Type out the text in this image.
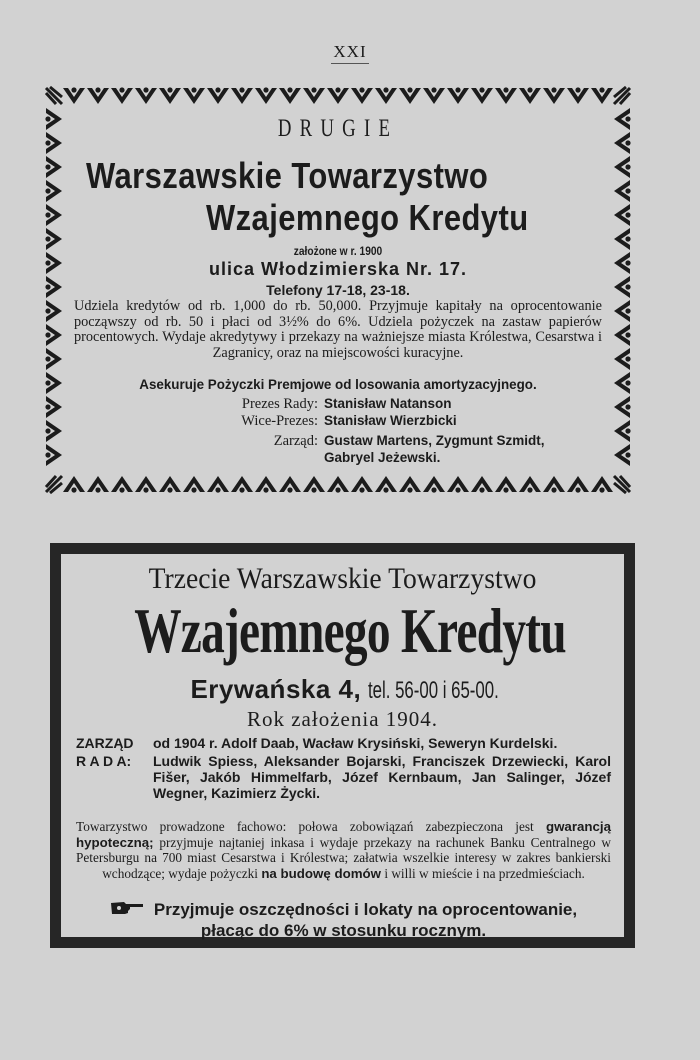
XXI
DRUGIE
Warszawskie Towarzystwo
Wzajemnego Kredytu
założone w r. 1900
ulica Włodzimierska Nr. 17.
Telefony 17-18, 23-18.
Udziela kredytów od rb. 1,000 do rb. 50,000. Przyjmuje kapitały na oprocentowanie począwszy od rb. 50 i płaci od 3½% do 6%. Udziela pożyczek na zastaw papierów procentowych. Wydaje akredytywy i przekazy na ważniejsze miasta Królestwa, Cesarstwa i Zagranicy, oraz na miejscowości kuracyjne.
Asekuruje Pożyczki Premjowe od losowania amortyzacyjnego.
Prezes Rady: Stanisław Natanson
Wice-Prezes: Stanisław Wierzbicki
Zarząd: Gustaw Martens, Zygmunt Szmidt,
Gabryel Jeżewski.
Trzecie Warszawskie Towarzystwo
Wzajemnego Kredytu
Erywańska 4, tel. 56-00 i 65-00.
Rok założenia 1904.
ZARZĄD od 1904 r. Adolf Daab, Wacław Krysiński, Seweryn Kurdelski.
R A D A: Ludwik Spiess, Aleksander Bojarski, Franciszek Drzewiecki, Karol Fišer, Jakób Himmelfarb, Józef Kernbaum, Jan Salinger, Józef Wegner, Kazimierz Życki.
Towarzystwo prowadzone fachowo: połowa zobowiązań zabezpieczona jest gwarancją hypoteczną; przyjmuje najtaniej inkasa i wydaje przekazy na rachunek Banku Centralnego w Petersburgu na 700 miast Cesarstwa i Królestwa; załatwia wszelkie interesy w zakres bankierski wchodzące; wydaje pożyczki na budowę domów i willi w mieście i na przedmieściach.
Przyjmuje oszczędności i lokaty na oprocentowanie,
płacąc do 6% w stosunku rocznym.
